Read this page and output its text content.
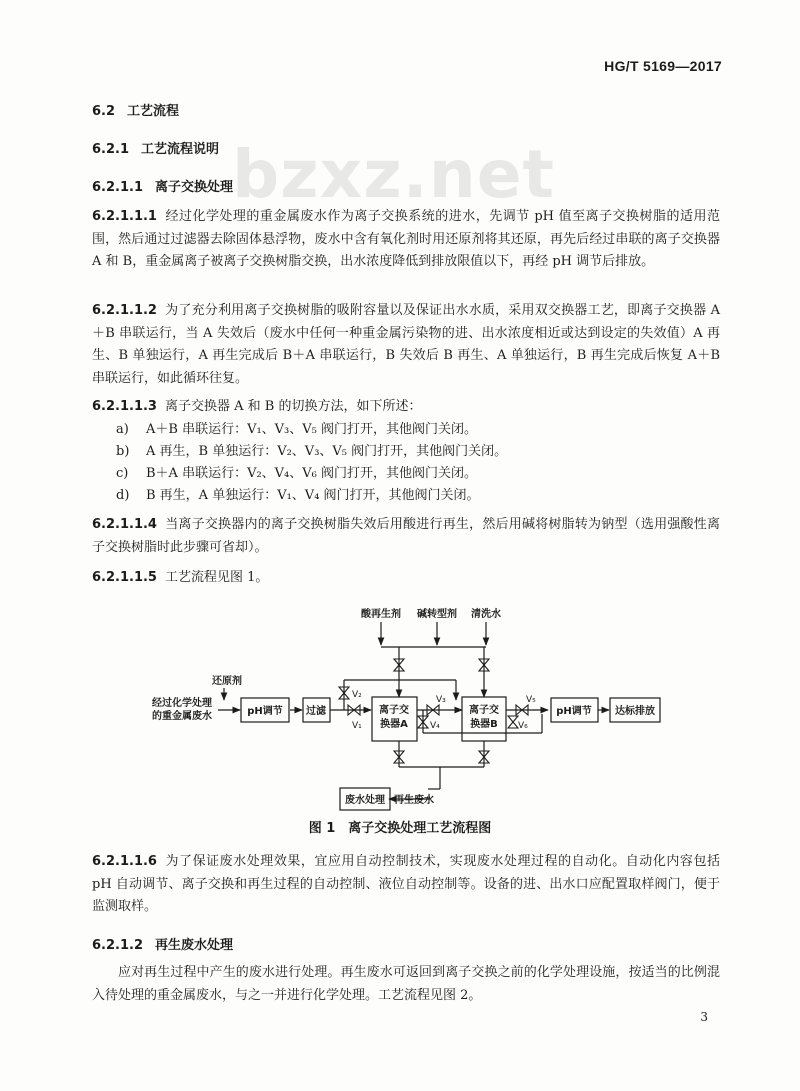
HG/T 5169—2017
bzxz.net
6.2 工艺流程
6.2.1 工艺流程说明
6.2.1.1 离子交换处理
6.2.1.1.1 经过化学处理的重金属废水作为离子交换系统的进水，先调节 pH 值至离子交换树脂的适用范围，然后通过过滤器去除固体悬浮物，废水中含有氧化剂时用还原剂将其还原，再先后经过串联的离子交换器 A 和 B，重金属离子被离子交换树脂交换，出水浓度降低到排放限值以下，再经 pH 调节后排放。
6.2.1.1.2 为了充分利用离子交换树脂的吸附容量以及保证出水水质，采用双交换器工艺，即离子交换器 A＋B 串联运行，当 A 失效后（废水中任何一种重金属污染物的进、出水浓度相近或达到设定的失效值）A 再生、B 单独运行，A 再生完成后 B＋A 串联运行，B 失效后 B 再生、A 单独运行，B 再生完成后恢复 A＋B 串联运行，如此循环往复。
6.2.1.1.3 离子交换器 A 和 B 的切换方法，如下所述：
a) A＋B 串联运行：V₁、V₃、V₅ 阀门打开，其他阀门关闭。
b) A 再生，B 单独运行：V₂、V₃、V₅ 阀门打开，其他阀门关闭。
c) B＋A 串联运行：V₂、V₄、V₆ 阀门打开，其他阀门关闭。
d) B 再生，A 单独运行：V₁、V₄ 阀门打开，其他阀门关闭。
6.2.1.1.4 当离子交换器内的离子交换树脂失效后用酸进行再生，然后用碱将树脂转为钠型（选用强酸性离子交换树脂时此步骤可省却）。
6.2.1.1.5 工艺流程见图 1。
酸再生剂 碱转型剂 清洗水
pH调节 过滤	离子交
换器A
离子交
换器B
pH调节 达标排放
废水处理
还原剂
经过化学处理
的重金属废水
再生废水
V₂
V₁
V₃
V₄
V₅
V₆
图 1　离子交换处理工艺流程图
6.2.1.1.6 为了保证废水处理效果，宜应用自动控制技术，实现废水处理过程的自动化。自动化内容包括 pH 自动调节、离子交换和再生过程的自动控制、液位自动控制等。设备的进、出水口应配置取样阀门，便于监测取样。
6.2.1.2 再生废水处理
应对再生过程中产生的废水进行处理。再生废水可返回到离子交换之前的化学处理设施，按适当的比例混入待处理的重金属废水，与之一并进行化学处理。工艺流程见图 2。
3
